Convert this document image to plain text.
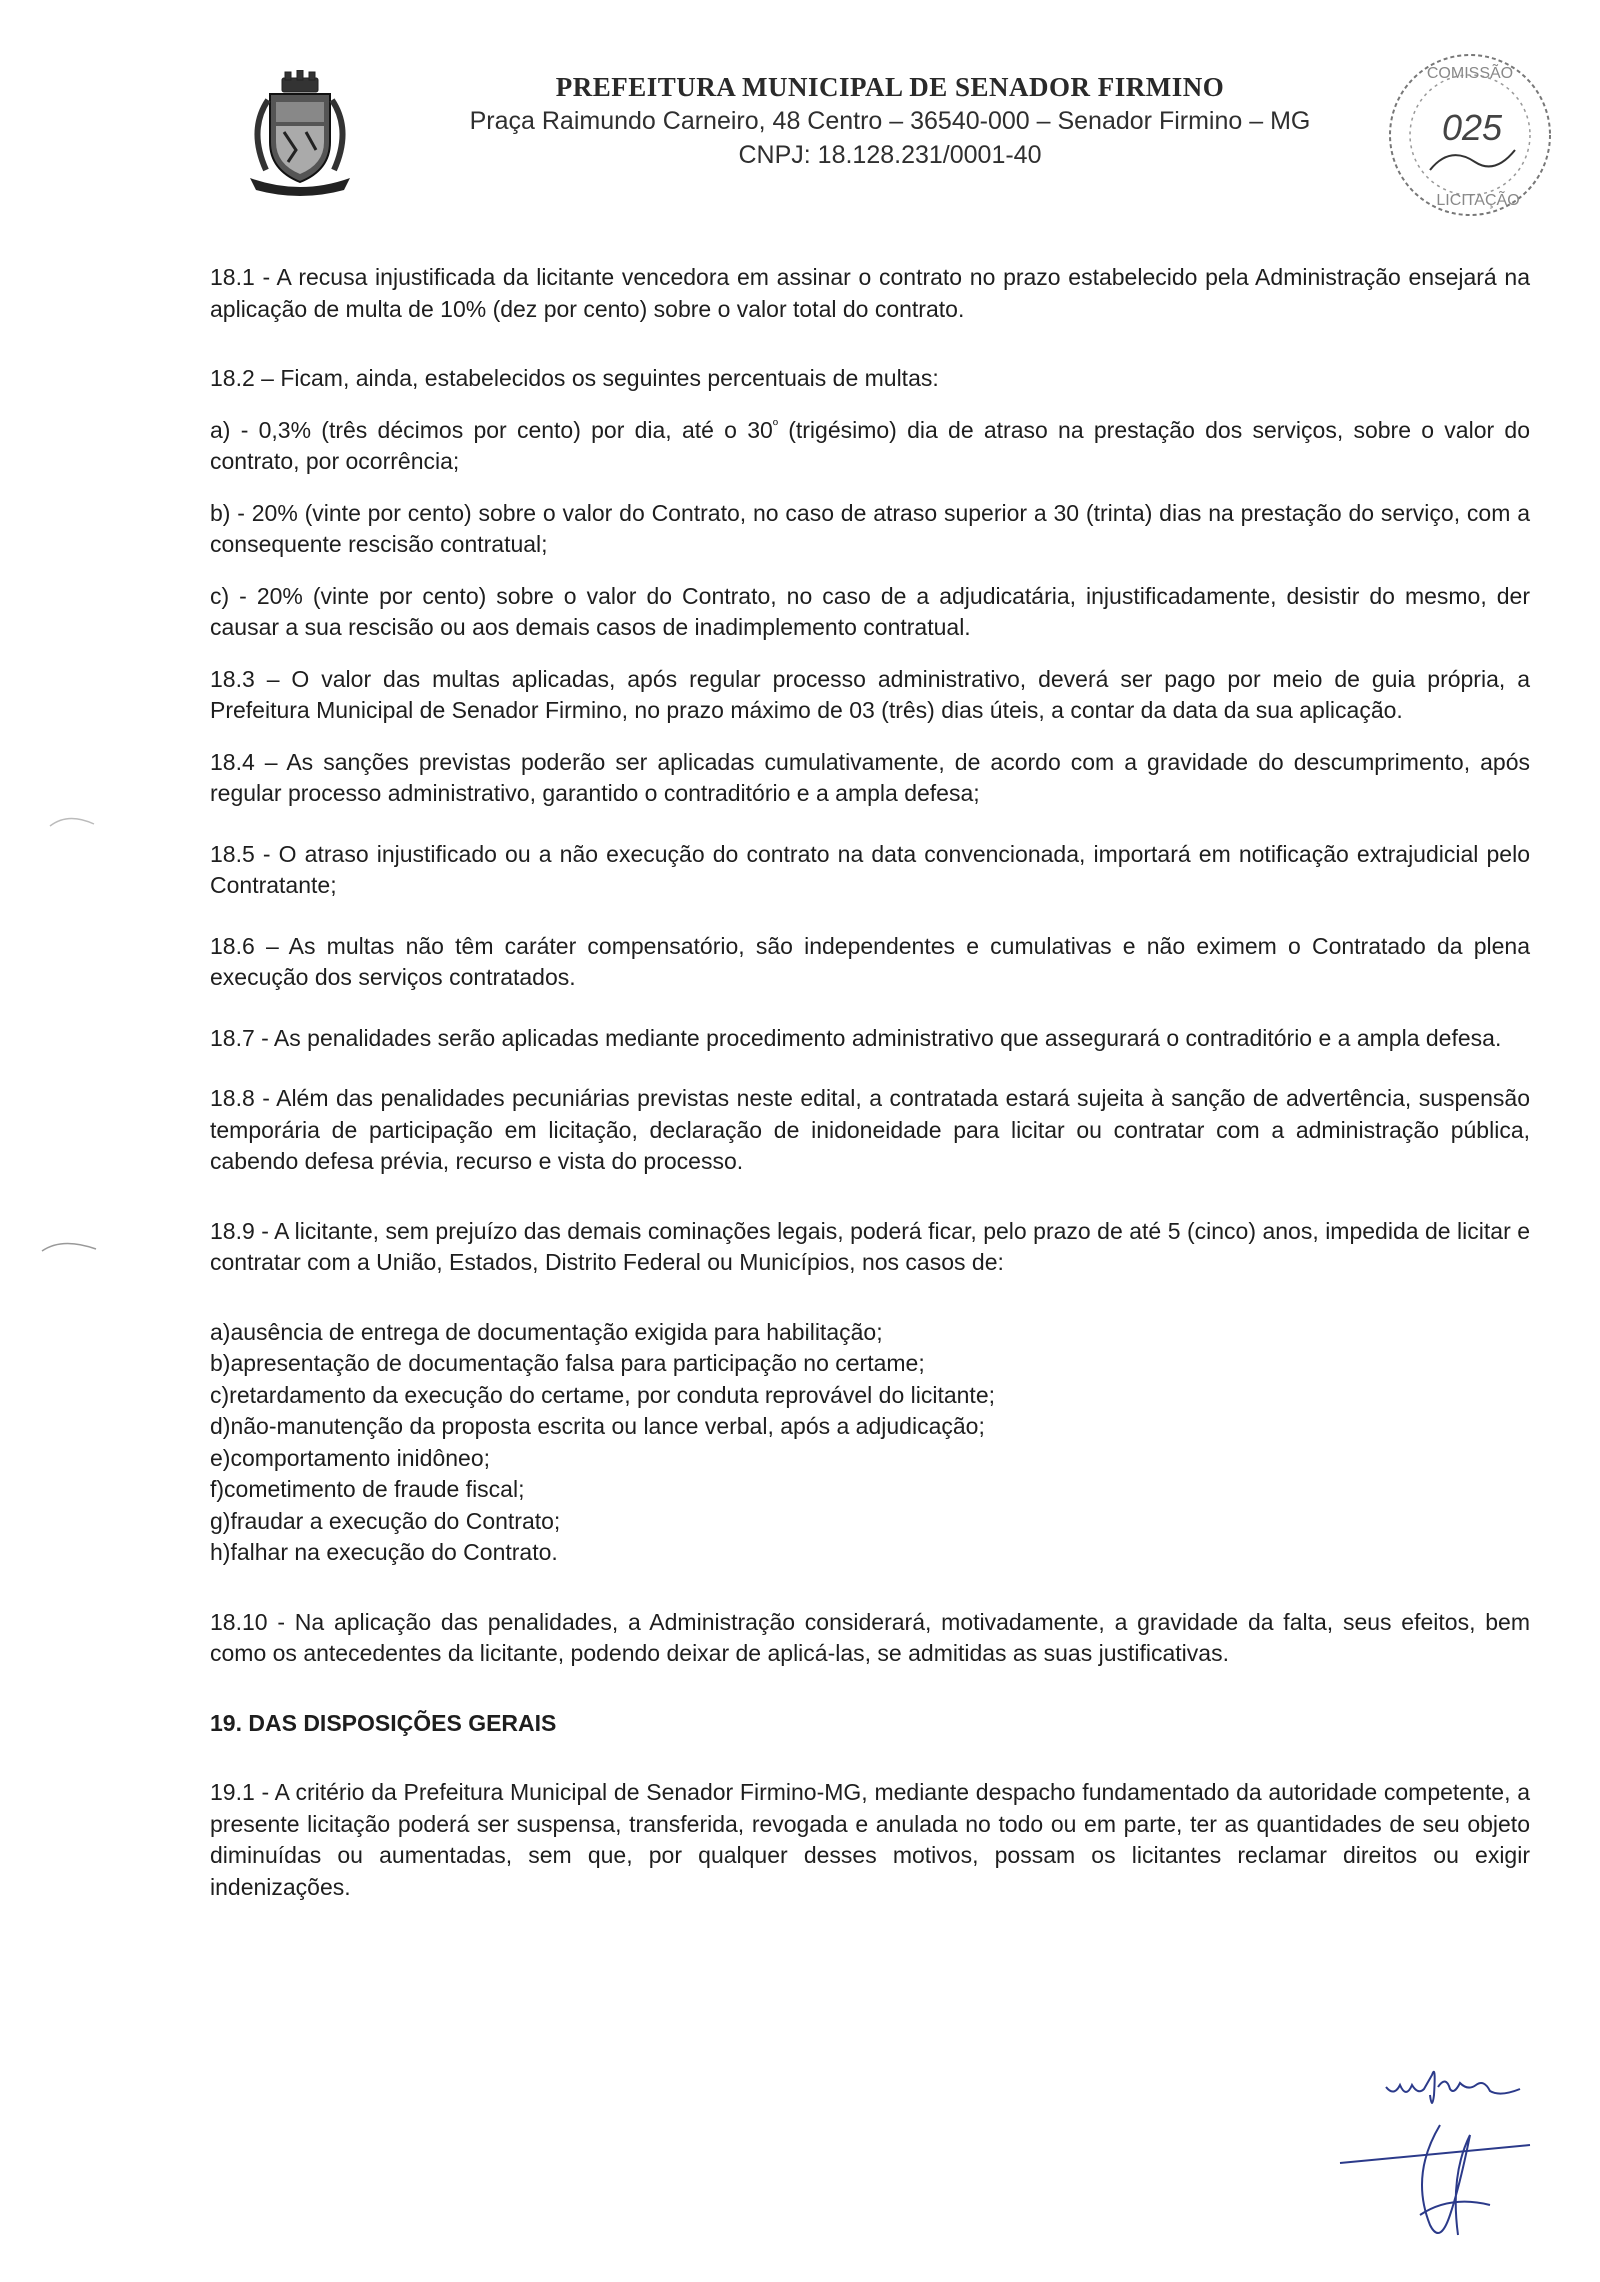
PREFEITURA MUNICIPAL DE SENADOR FIRMINO
Praça Raimundo Carneiro, 48 Centro – 36540-000 – Senador Firmino – MG
CNPJ: 18.128.231/0001-40
COMISSÃO
025
LICITAÇÃO

18.1 - A recusa injustificada da licitante vencedora em assinar o contrato no prazo estabelecido pela Administração ensejará na aplicação de multa de 10% (dez por cento) sobre o valor total do contrato.

18.2 – Ficam, ainda, estabelecidos os seguintes percentuais de multas:

a) - 0,3% (três décimos por cento) por dia, até o $30^º$ (trigésimo) dia de atraso na prestação dos serviços, sobre o valor do contrato, por ocorrência;

b) - 20% (vinte por cento) sobre o valor do Contrato, no caso de atraso superior a 30 (trinta) dias na prestação do serviço, com a consequente rescisão contratual;

c) - 20% (vinte por cento) sobre o valor do Contrato, no caso de a adjudicatária, injustificadamente, desistir do mesmo, der causar a sua rescisão ou aos demais casos de inadimplemento contratual.

18.3 – O valor das multas aplicadas, após regular processo administrativo, deverá ser pago por meio de guia própria, a Prefeitura Municipal de Senador Firmino, no prazo máximo de 03 (três) dias úteis, a contar da data da sua aplicação.

18.4 – As sanções previstas poderão ser aplicadas cumulativamente, de acordo com a gravidade do descumprimento, após regular processo administrativo, garantido o contraditório e a ampla defesa;

18.5 - O atraso injustificado ou a não execução do contrato na data convencionada, importará em notificação extrajudicial pelo Contratante;

18.6 – As multas não têm caráter compensatório, são independentes e cumulativas e não eximem o Contratado da plena execução dos serviços contratados.

18.7 - As penalidades serão aplicadas mediante procedimento administrativo que assegurará o contraditório e a ampla defesa.

18.8 - Além das penalidades pecuniárias previstas neste edital, a contratada estará sujeita à sanção de advertência, suspensão temporária de participação em licitação, declaração de inidoneidade para licitar ou contratar com a administração pública, cabendo defesa prévia, recurso e vista do processo.

18.9 - A licitante, sem prejuízo das demais cominações legais, poderá ficar, pelo prazo de até 5 (cinco) anos, impedida de licitar e contratar com a União, Estados, Distrito Federal ou Municípios, nos casos de:

a)ausência de entrega de documentação exigida para habilitação;
b)apresentação de documentação falsa para participação no certame;
c)retardamento da execução do certame, por conduta reprovável do licitante;
d)não-manutenção da proposta escrita ou lance verbal, após a adjudicação;
e)comportamento inidôneo;
f)cometimento de fraude fiscal;
g)fraudar a execução do Contrato;
h)falhar na execução do Contrato.

18.10 - Na aplicação das penalidades, a Administração considerará, motivadamente, a gravidade da falta, seus efeitos, bem como os antecedentes da licitante, podendo deixar de aplicá-las, se admitidas as suas justificativas.

19. DAS DISPOSIÇÕES GERAIS

19.1 - A critério da Prefeitura Municipal de Senador Firmino-MG, mediante despacho fundamentado da autoridade competente, a presente licitação poderá ser suspensa, transferida, revogada e anulada no todo ou em parte, ter as quantidades de seu objeto diminuídas ou aumentadas, sem que, por qualquer desses motivos, possam os licitantes reclamar direitos ou exigir indenizações.
